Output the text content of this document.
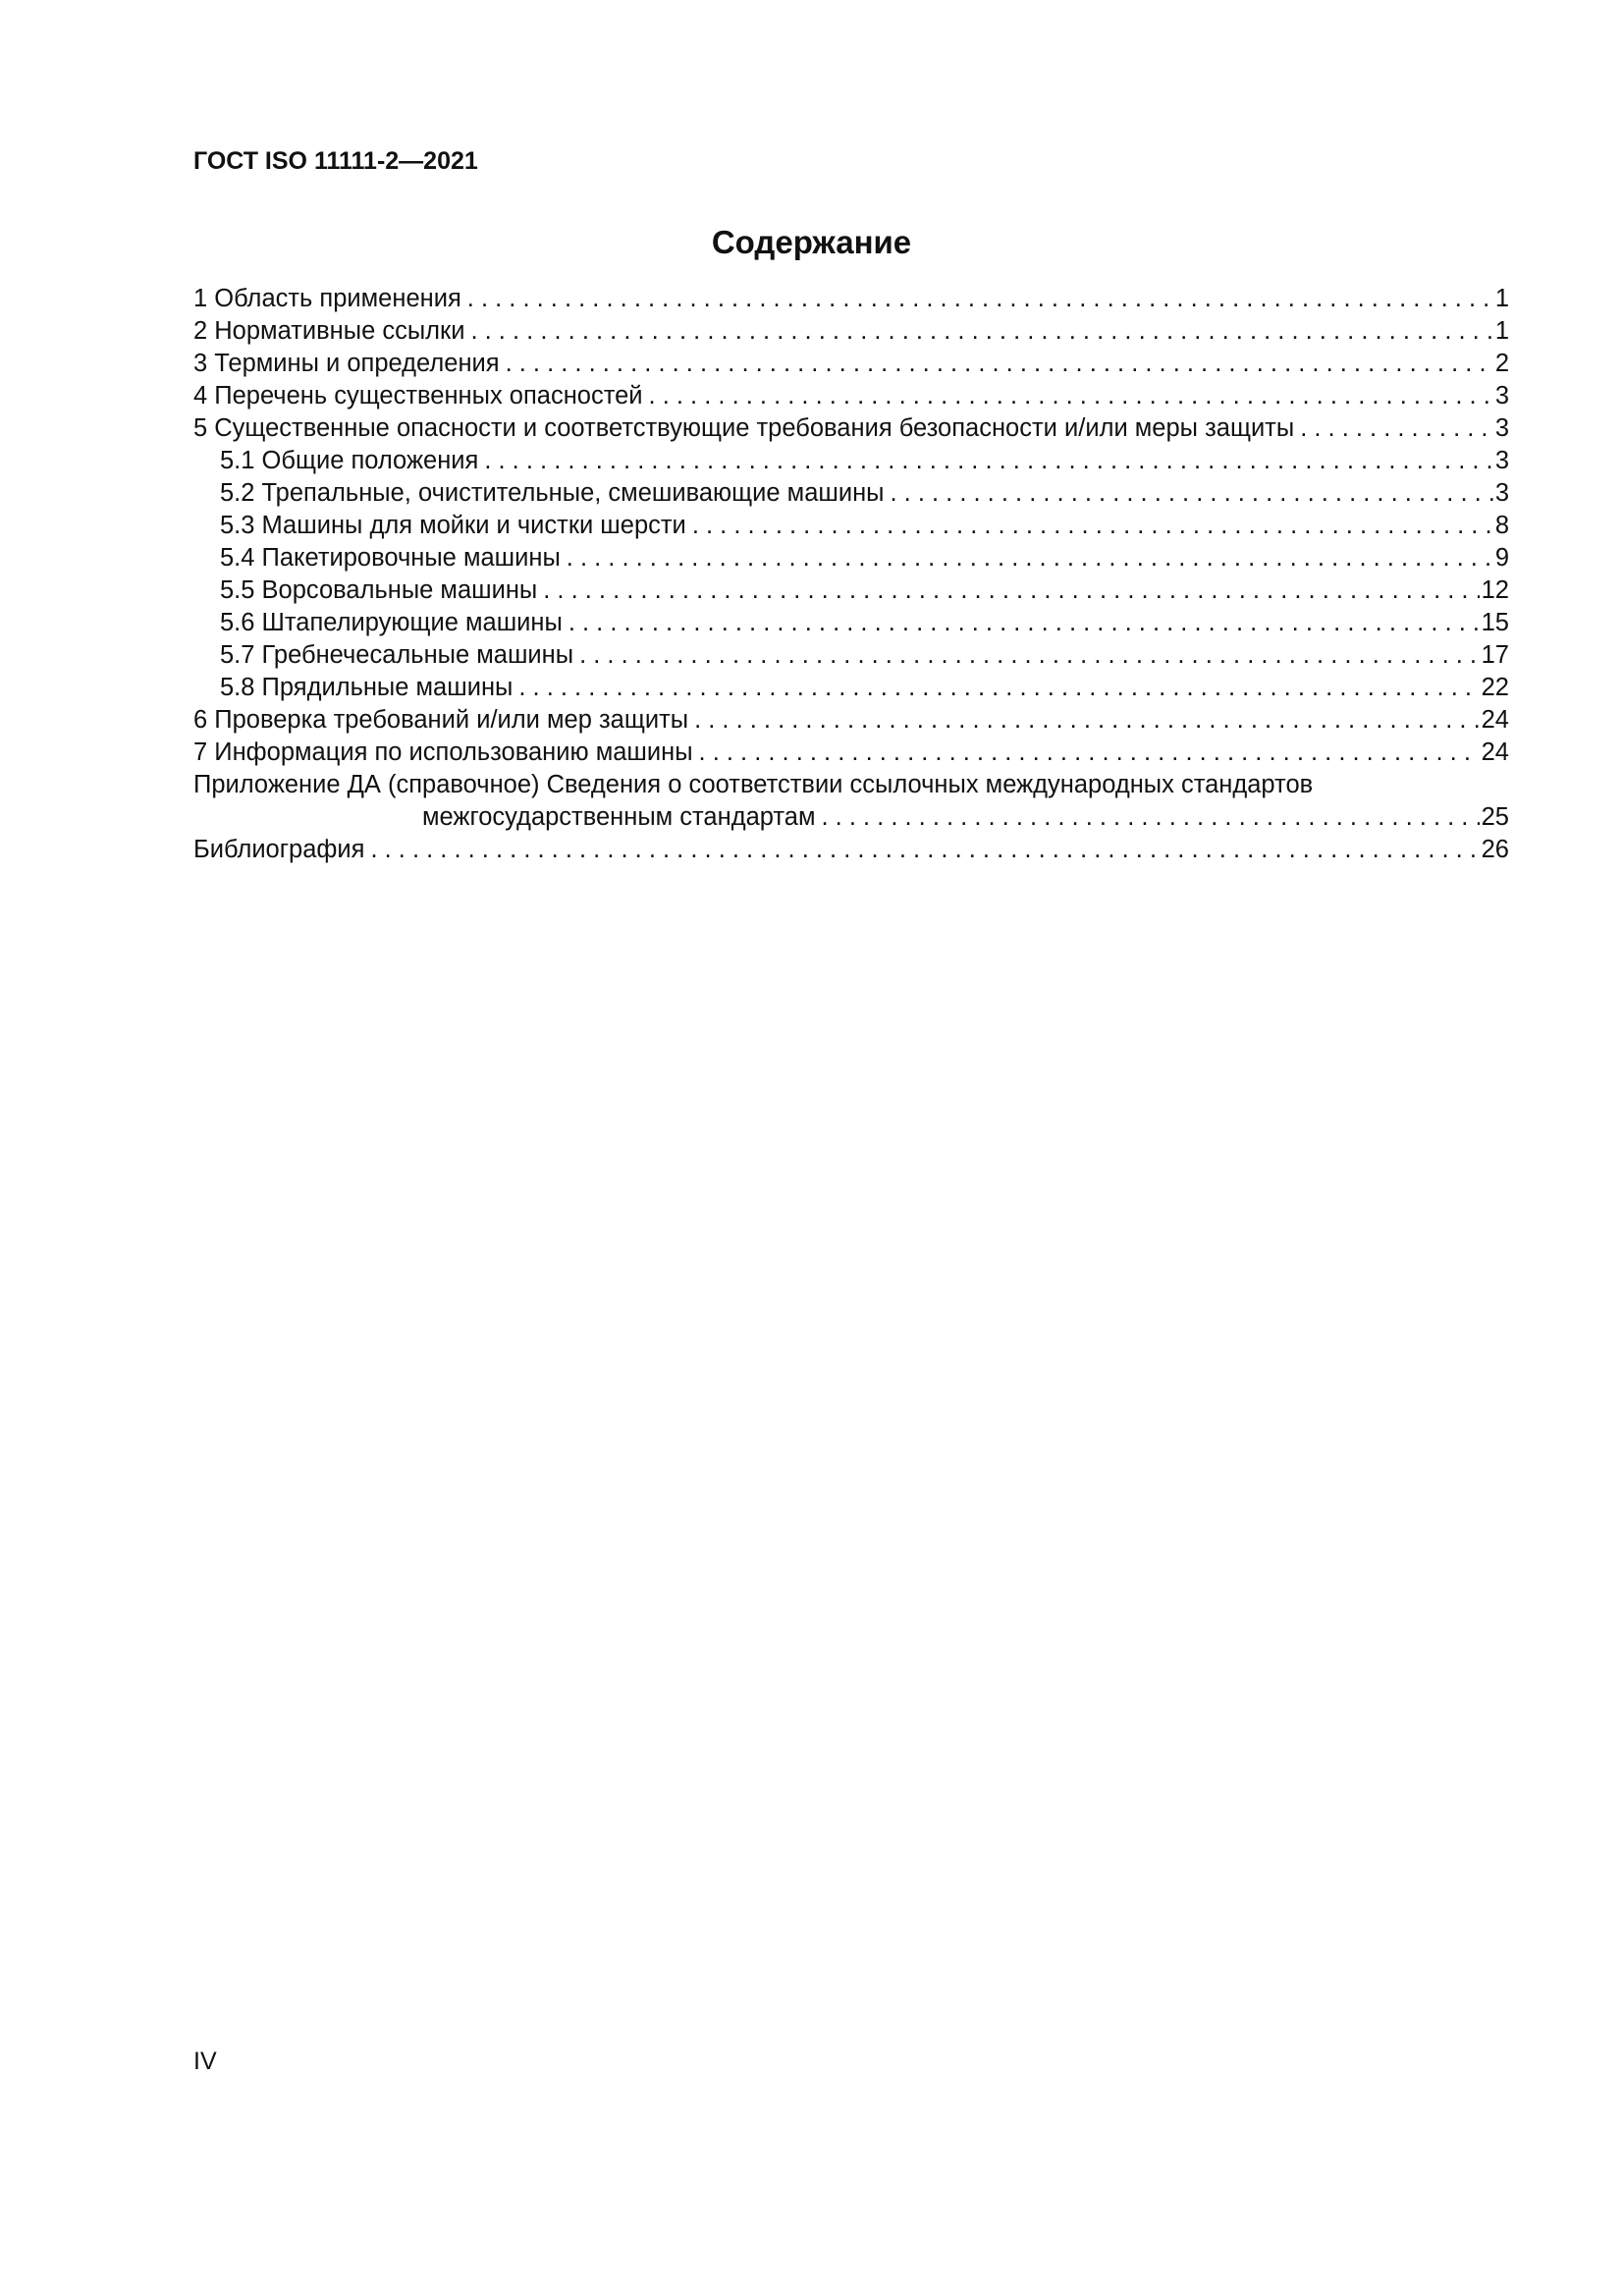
ГОСТ ISO 11111-2—2021

Содержание
1 Область применения . . .	1
2 Нормативные ссылки . . .	1
3 Термины и определения . . .	2
4 Перечень существенных опасностей . . .	3
5 Существенные опасности и соответствующие требования безопасности и/или меры защиты . . .	3
5.1 Общие положения . . .	3
5.2 Трепальные, очистительные, смешивающие машины . . .	3
5.3 Машины для мойки и чистки шерсти . . .	8
5.4 Пакетировочные машины . . .	9
5.5 Ворсовальные машины . . .	12
5.6 Штапелирующие машины . . .	15
5.7 Гребнечесальные машины . . .	17
5.8 Прядильные машины . . .	22
6 Проверка требований и/или мер защиты . . .	24
7 Информация по использованию машины . . .	24
Приложение ДА (справочное) Сведения о соответствии ссылочных международных стандартов
межгосударственным стандартам . . .	25
Библиография . . .	26

IV
